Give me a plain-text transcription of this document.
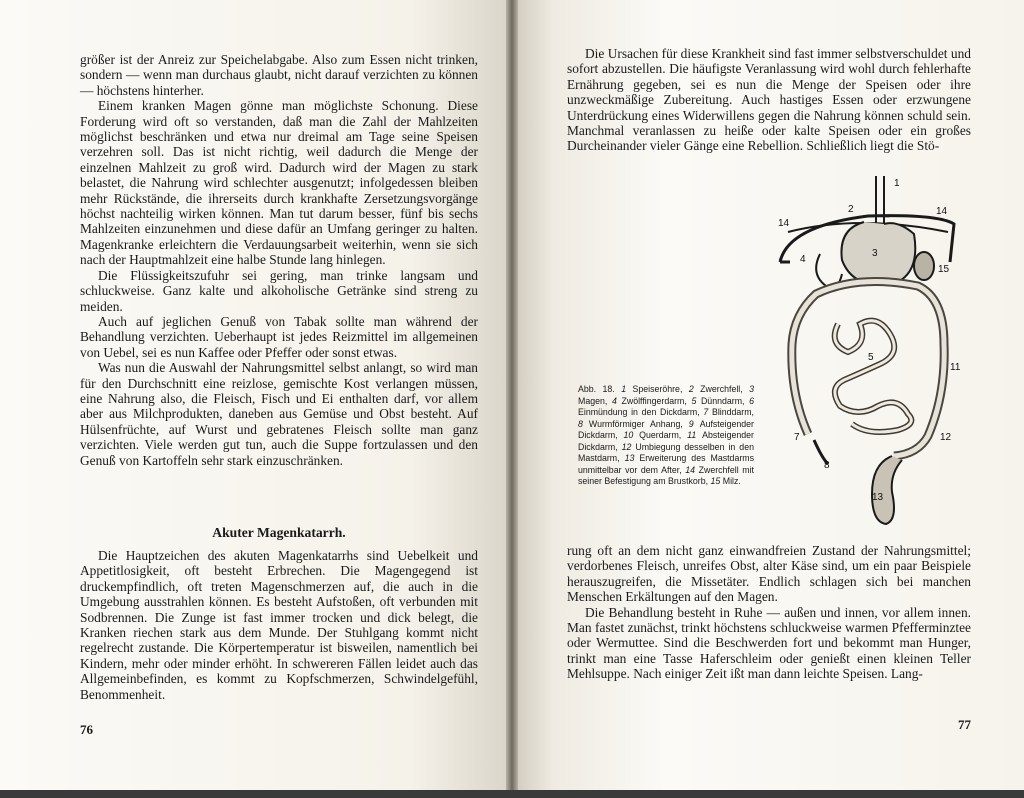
größer ist der Anreiz zur Speichelabgabe. Also zum Essen nicht trinken, sondern — wenn man durchaus glaubt, nicht darauf verzichten zu können — höchstens hinterher.

Einem kranken Magen gönne man möglichste Schonung. Diese Forderung wird oft so verstanden, daß man die Zahl der Mahlzeiten möglichst beschränken und etwa nur dreimal am Tage seine Speisen verzehren soll. Das ist nicht richtig, weil dadurch die Menge der einzelnen Mahlzeit zu groß wird. Dadurch wird der Magen zu stark belastet, die Nahrung wird schlechter ausgenutzt; infolgedessen bleiben mehr Rückstände, die ihrerseits durch krankhafte Zersetzungsvorgänge höchst nachteilig wirken können. Man tut darum besser, fünf bis sechs Mahlzeiten einzunehmen und diese dafür an Umfang geringer zu halten. Magenkranke erleichtern die Verdauungsarbeit weiterhin, wenn sie sich nach der Hauptmahlzeit eine halbe Stunde lang hinlegen.

Die Flüssigkeitszufuhr sei gering, man trinke langsam und schluckweise. Ganz kalte und alkoholische Getränke sind streng zu meiden.

Auch auf jeglichen Genuß von Tabak sollte man während der Behandlung verzichten. Ueberhaupt ist jedes Reizmittel im allgemeinen von Uebel, sei es nun Kaffee oder Pfeffer oder sonst etwas.

Was nun die Auswahl der Nahrungsmittel selbst anlangt, so wird man für den Durchschnitt eine reizlose, gemischte Kost verlangen müssen, eine Nahrung also, die Fleisch, Fisch und Ei enthalten darf, vor allem aber aus Milchprodukten, daneben aus Gemüse und Obst besteht. Auf Hülsenfrüchte, auf Wurst und gebratenes Fleisch sollte man ganz verzichten. Viele werden gut tun, auch die Suppe fortzulassen und den Genuß von Kartoffeln sehr stark einzuschränken.

Akuter Magenkatarrh.

Die Hauptzeichen des akuten Magenkatarrhs sind Uebelkeit und Appetitlosigkeit, oft besteht Erbrechen. Die Magengegend ist druckempfindlich, oft treten Magenschmerzen auf, die auch in die Umgebung ausstrahlen können. Es besteht Aufstoßen, oft verbunden mit Sodbrennen. Die Zunge ist fast immer trocken und dick belegt, die Kranken riechen stark aus dem Munde. Der Stuhlgang kommt nicht regelrecht zustande. Die Körpertemperatur ist bisweilen, namentlich bei Kindern, mehr oder minder erhöht. In schwereren Fällen leidet auch das Allgemeinbefinden, es kommt zu Kopfschmerzen, Schwindelgefühl, Benommenheit.

76

Die Ursachen für diese Krankheit sind fast immer selbstverschuldet und sofort abzustellen. Die häufigste Veranlassung wird wohl durch fehlerhafte Ernährung gegeben, sei es nun die Menge der Speisen oder ihre unzweckmäßige Zubereitung. Auch hastiges Essen oder erzwungene Unterdrückung eines Widerwillens gegen die Nahrung können schuld sein. Manchmal veranlassen zu heiße oder kalte Speisen oder ein großes Durcheinander vieler Gänge eine Rebellion. Schließlich liegt die Stö-

Abb. 18. 1 Speiseröhre, 2 Zwerchfell, 3 Magen, 4 Zwölffingerdarm, 5 Dünndarm, 6 Einmündung in den Dickdarm, 7 Blinddarm, 8 Wurmförmiger Anhang, 9 Aufsteigender Dickdarm, 10 Querdarm, 11 Absteigender Dickdarm, 12 Umbiegung desselben in den Mastdarm, 13 Erweiterung des Mastdarms unmittelbar vor dem After, 14 Zwerchfell mit seiner Befestigung am Brustkorb, 15 Milz.
1
2
14
14
3
4
15
5
11
7	12
8
13

rung oft an dem nicht ganz einwandfreien Zustand der Nahrungsmittel; verdorbenes Fleisch, unreifes Obst, alter Käse sind, um ein paar Beispiele herauszugreifen, die Missetäter. Endlich schlagen sich bei manchen Menschen Erkältungen auf den Magen.

Die Behandlung besteht in Ruhe — außen und innen, vor allem innen. Man fastet zunächst, trinkt höchstens schluckweise warmen Pfefferminztee oder Wermuttee. Sind die Beschwerden fort und bekommt man Hunger, trinkt man eine Tasse Haferschleim oder genießt einen kleinen Teller Mehlsuppe. Nach einiger Zeit ißt man dann leichte Speisen. Lang-

77
